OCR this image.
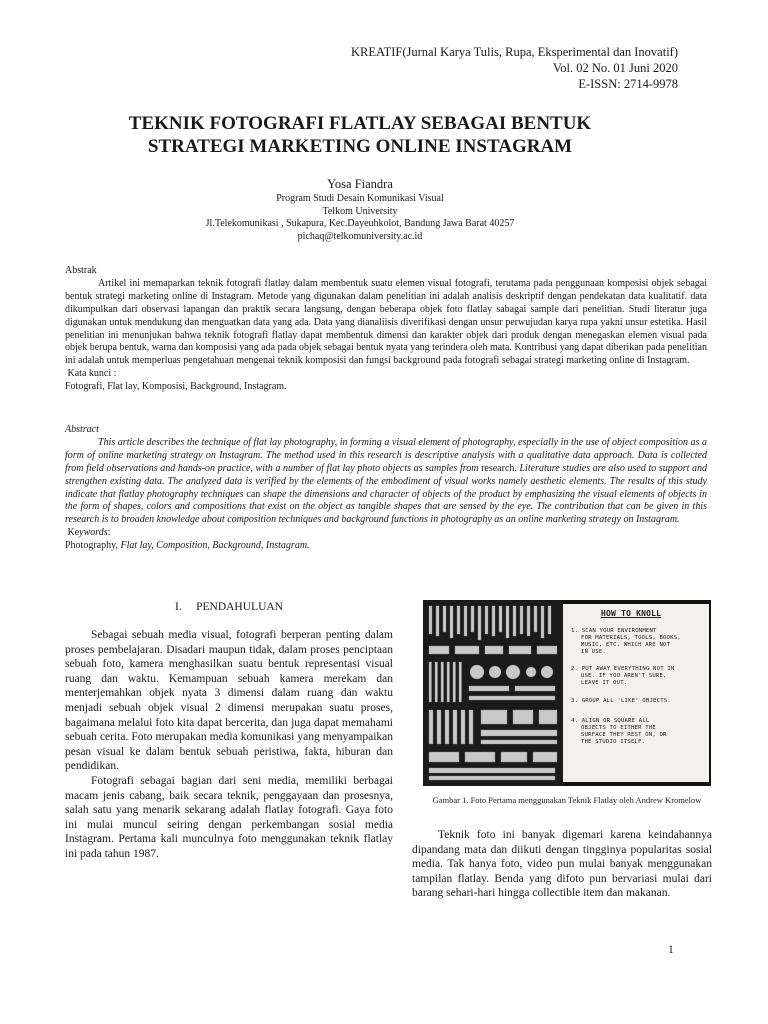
KREATIF(Jurnal Karya Tulis, Rupa, Eksperimental dan Inovatif)
Vol. 02 No. 01 Juni 2020
E-ISSN: 2714-9978
TEKNIK FOTOGRAFI FLATLAY SEBAGAI BENTUK
STRATEGI MARKETING ONLINE INSTAGRAM
Yosa Fiandra
Program Studi Desain Komunikasi Visual
Telkom University
Jl.Telekomunikasi , Sukapura, Kec.Dayeuhkolot, Bandung Jawa Barat 40257
pichaq@telkomuniversity.ac.id
Abstrak
Artikel ini memaparkan teknik fotografi flatlay dalam membentuk suatu elemen visual fotografi, terutama pada penggunaan komposisi objek sebagai bentuk strategi marketing online di Instagram. Metode yang digunakan dalam penelitian ini adalah analisis deskriptif dengan pendekatan data kualitatif. data dikumpulkan dari observasi lapangan dan praktik secara langsung, dengan beberapa objek foto flatlay sabagai sample dari penelitian. Studi literatur juga digunakan untuk mendukung dan menguatkan data yang ada. Data yang dianaliisis diverifikasi dengan unsur perwujudan karya rupa yakni unsur estetika. Hasil penelitian ini menunjukan bahwa teknik fotografi flatlay dapat membentuk dimensi dan karakter objek dari produk dengan menegaskan elemen visual pada objek berupa bentuk, warna dan komposisi yang ada pada objek sebagai bentuk nyata yang terindera oleh mata. Kontribusi yang dapat diberikan pada penelitian ini adalah untuk memperluas pengetahuan mengenai teknik komposisi dan fungsi background pada fotografi sebagai strategi marketing online di Instagram.
Kata kunci :
Fotografi, Flat lay, Komposisi, Background, Instagram.
Abstract
This article describes the technique of flat lay photography, in forming a visual element of photography, especially in the use of object composition as a form of online marketing strategy on Instagram. The method used in this research is descriptive analysis with a qualitative data approach. Data is collected from field observations and hands-on practice, with a number of flat lay photo objects as samples from research. Literature studies are also used to support and strengthen existing data. The analyzed data is verified by the elements of the embodiment of visual works namely aesthetic elements. The results of this study indicate that flatlay photography techniques can shape the dimensions and character of objects of the product by emphasizing the visual elements of objects in the form of shapes, colors and compositions that exist on the object as tangible shapes that are sensed by the eye. The contribution that can be given in this research is to broaden knowledge about composition techniques and background functions in photography as an online marketing strategy on Instagram.
Keywords:
Photography, Flat lay, Composition, Background, Instagram.
I.     PENDAHULUAN
Sebagai sebuah media visual, fotografi berperan penting dalam proses pembelajaran. Disadari maupun tidak, dalam proses penciptaan sebuah foto, kamera menghasilkan suatu bentuk representasi visual ruang dan waktu. Kemampuan sebuah kamera merekam dan menterjemahkan objek nyata 3 dimensi dalam ruang dan waktu menjadi sebuah objek visual 2 dimensi merupakan suatu proses, bagaimana melalui foto kita dapat bercerita, dan juga dapat memahami sebuah cerita. Foto merupakan media komunikasi yang menyampaikan pesan visual ke dalam bentuk sebuah peristiwa, fakta, hiburan dan pendidikan.
Fotografi sebagai bagian dari seni media, memiliki berbagai macam jenis cabang, baik secara teknik, penggayaan dan prosesnya, salah satu yang menarik sekarang adalah flatlay fotografi. Gaya foto ini mulai muncul seiring dengan perkembangan sosial media Instagram. Pertama kali munculnya foto menggunakan teknik flatlay ini pada tahun 1987.
HOW TO KNOLL
1. SCAN YOUR ENVIRONMENT
FOR MATERIALS, TOOLS, BOOKS,
MUSIC, ETC. WHICH ARE NOT
IN USE.
2. PUT AWAY EVERYTHING NOT IN
USE. IF YOU AREN'T SURE,
LEAVE IT OUT.
3. GROUP ALL 'LIKE' OBJECTS.
4. ALIGN OR SQUARE ALL
OBJECTS TO EITHER THE
SURFACE THEY REST ON, OR
THE STUDIO ITSELF.
Gambar 1. Foto Pertama menggunakan Teknik Flatlay oleh Andrew Kromelow
Teknik foto ini banyak digemari karena keindahannya dipandang mata dan diikuti dengan tingginya popularitas sosial media. Tak hanya foto, video pun mulai banyak menggunakan tampilan flatlay. Benda yang difoto pun bervariasi mulai dari barang sehari-hari hingga collectible item dan makanan.
1
